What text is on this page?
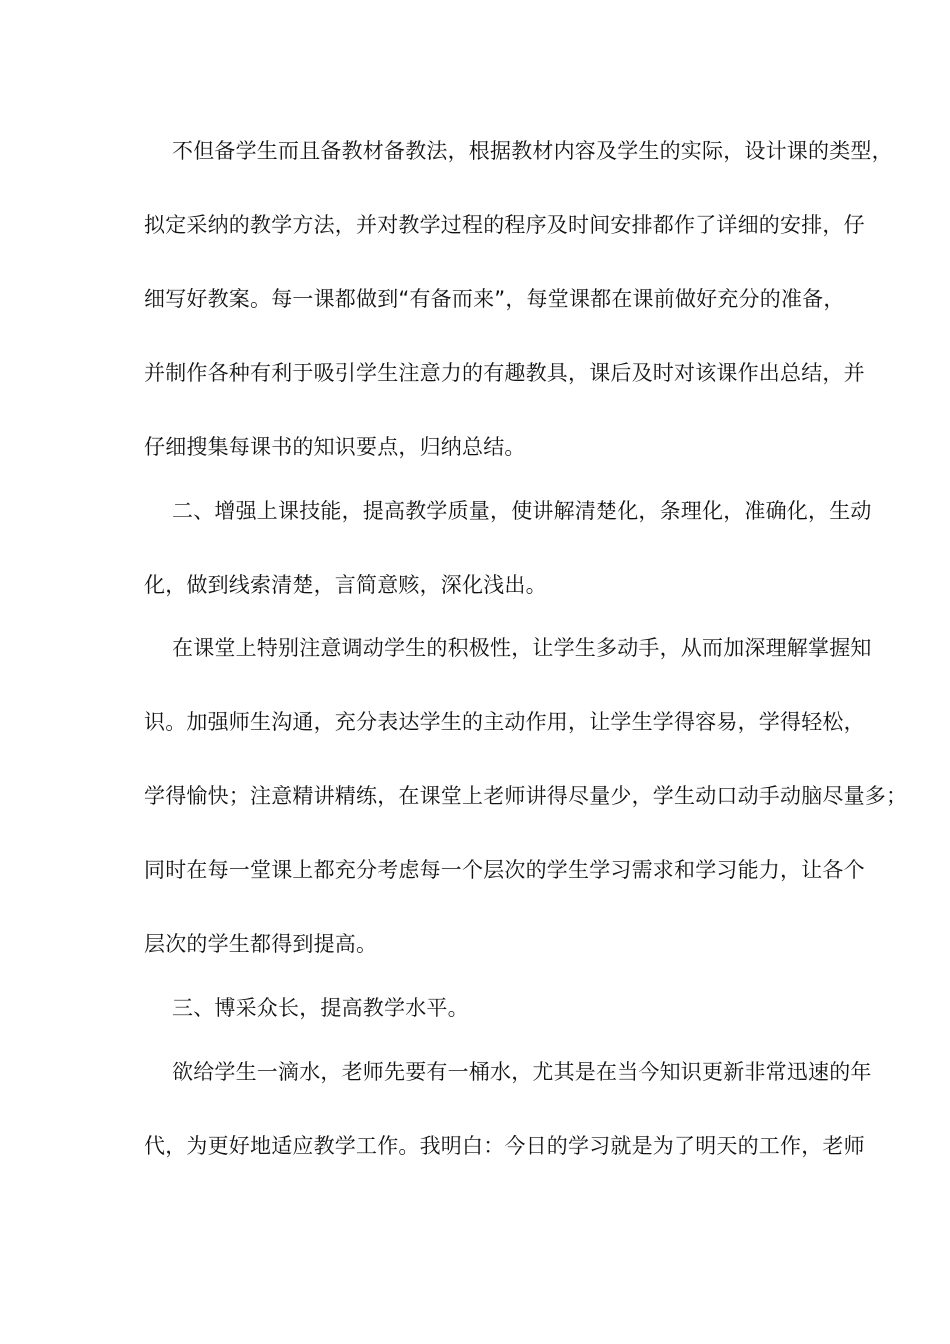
不但备学生而且备教材备教法，根据教材内容及学生的实际，设计课的类型，
拟定采纳的教学方法，并对教学过程的程序及时间安排都作了详细的安排，仔
细写好教案。每一课都做到“有备而来”，每堂课都在课前做好充分的准备，
并制作各种有利于吸引学生注意力的有趣教具，课后及时对该课作出总结，并
仔细搜集每课书的知识要点，归纳总结。
二、增强上课技能，提高教学质量，使讲解清楚化，条理化，准确化，生动
化，做到线索清楚，言简意赅，深化浅出。
在课堂上特别注意调动学生的积极性，让学生多动手，从而加深理解掌握知
识。加强师生沟通，充分表达学生的主动作用，让学生学得容易，学得轻松，
学得愉快；注意精讲精练，在课堂上老师讲得尽量少，学生动口动手动脑尽量多；
同时在每一堂课上都充分考虑每一个层次的学生学习需求和学习能力，让各个
层次的学生都得到提高。
三、博采众长，提高教学水平。
欲给学生一滴水，老师先要有一桶水，尤其是在当今知识更新非常迅速的年
代，为更好地适应教学工作。我明白：今日的学习就是为了明天的工作，老师
